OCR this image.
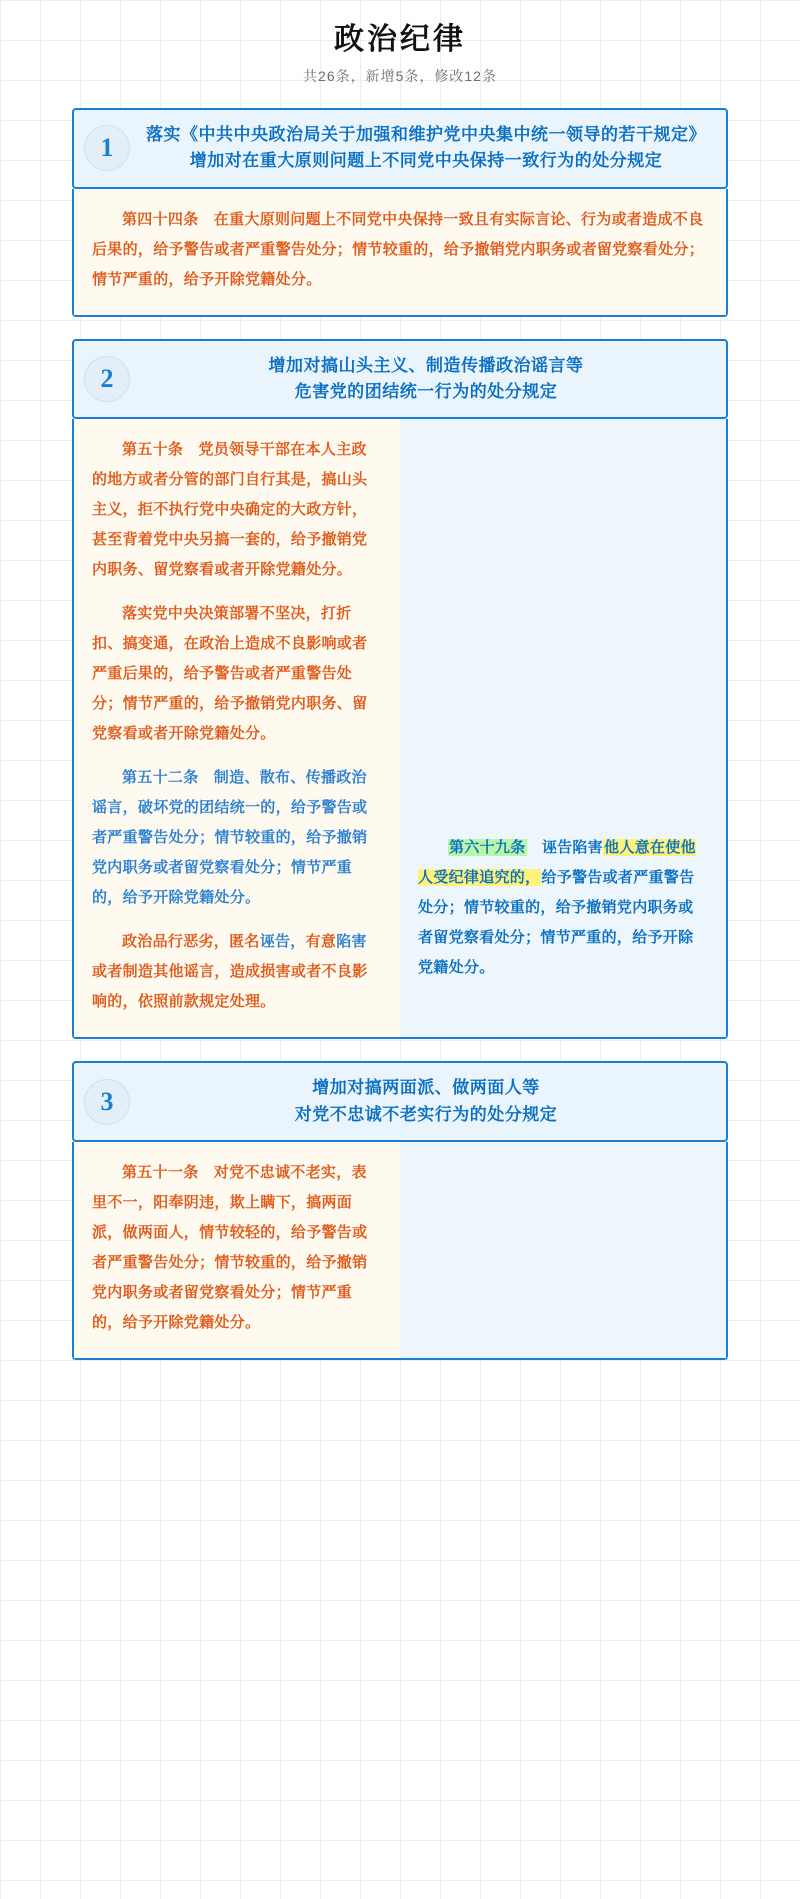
政治纪律
共26条，新增5条，修改12条
1	落实《中共中央政治局关于加强和维护党中央集中统一领导的若干规定》
增加对在重大原则问题上不同党中央保持一致行为的处分规定

第四十四条　在重大原则问题上不同党中央保持一致且有实际言论、行为或者造成不良后果的，给予警告或者严重警告处分；情节较重的，给予撤销党内职务或者留党察看处分；情节严重的，给予开除党籍处分。

2	增加对搞山头主义、制造传播政治谣言等
危害党的团结统一行为的处分规定

第五十条　党员领导干部在本人主政的地方或者分管的部门自行其是，搞山头主义，拒不执行党中央确定的大政方针，甚至背着党中央另搞一套的，给予撤销党内职务、留党察看或者开除党籍处分。

落实党中央决策部署不坚决，打折扣、搞变通，在政治上造成不良影响或者严重后果的，给予警告或者严重警告处分；情节严重的，给予撤销党内职务、留党察看或者开除党籍处分。

第五十二条　制造、散布、传播政治谣言，破坏党的团结统一的，给予警告或者严重警告处分；情节较重的，给予撤销党内职务或者留党察看处分；情节严重的，给予开除党籍处分。

政治品行恶劣，匿名诬告，有意陷害或者制造其他谣言，造成损害或者不良影响的，依照前款规定处理。

第六十九条　诬告陷害他人意在使他人受纪律追究的，给予警告或者严重警告处分；情节较重的，给予撤销党内职务或者留党察看处分；情节严重的，给予开除党籍处分。

3	增加对搞两面派、做两面人等
对党不忠诚不老实行为的处分规定

第五十一条　对党不忠诚不老实，表里不一，阳奉阴违，欺上瞒下，搞两面派，做两面人，情节较轻的，给予警告或者严重警告处分；情节较重的，给予撤销党内职务或者留党察看处分；情节严重的，给予开除党籍处分。
